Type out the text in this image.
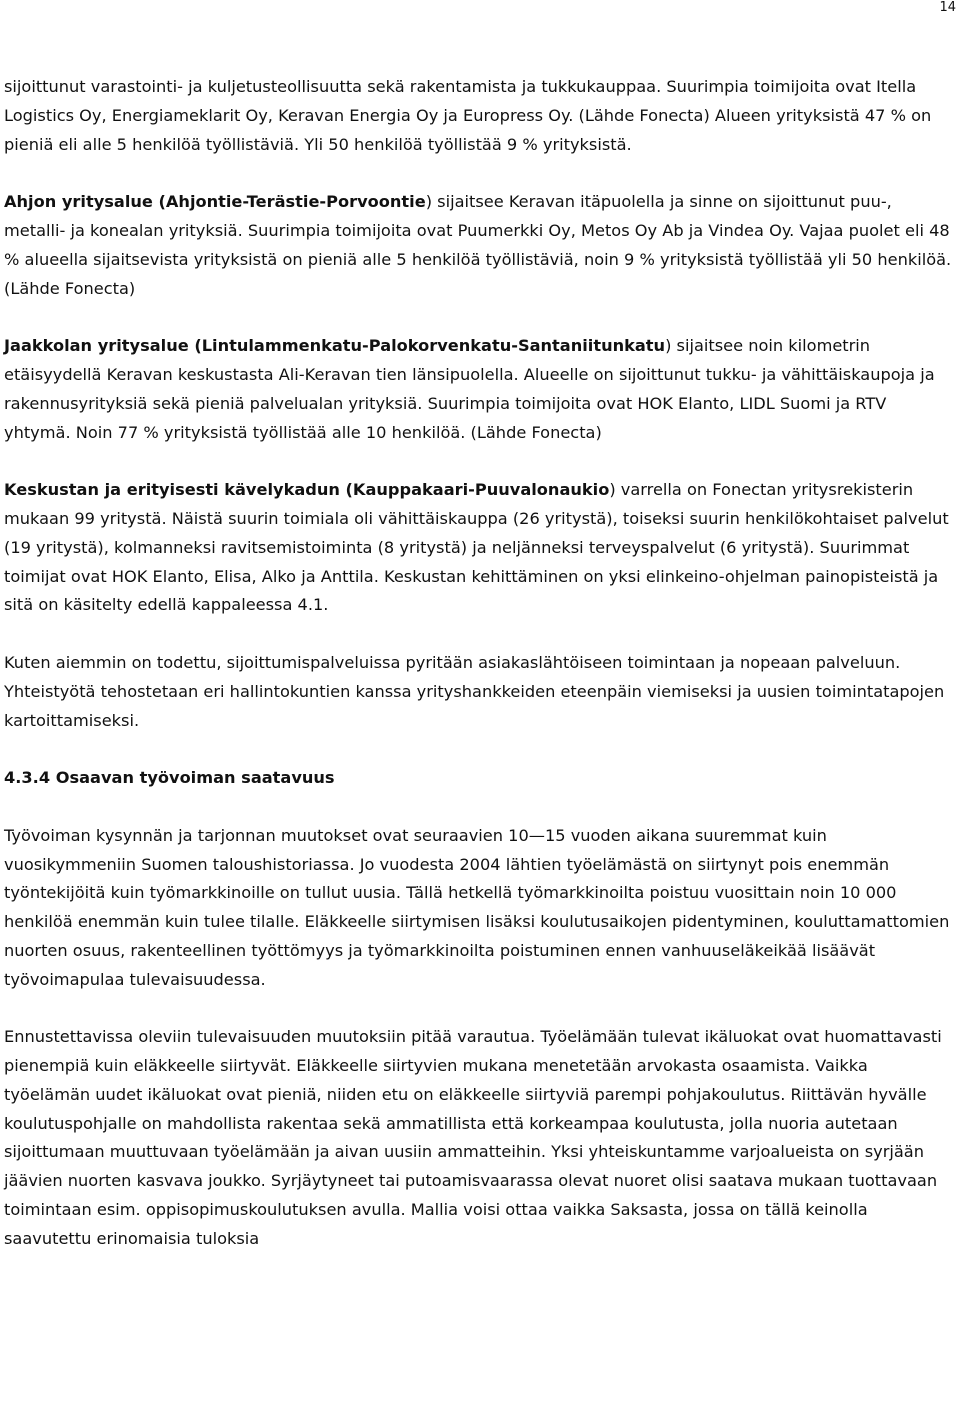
14

sijoittunut varastointi- ja kuljetusteollisuutta sekä rakentamista ja tukkukauppaa. Suurimpia toimijoita ovat Itella Logistics Oy, Energiameklarit Oy, Keravan Energia Oy ja Europress Oy. (Lähde Fonecta) Alueen yrityksistä 47 % on pieniä eli alle 5 henkilöä työllistäviä. Yli 50 henkilöä työllistää 9 % yrityksistä.

Ahjon yritysalue (Ahjontie-Terästie-Porvoontie) sijaitsee Keravan itäpuolella ja sinne on sijoittunut puu-, metalli- ja konealan yrityksiä. Suurimpia toimijoita ovat Puumerkki Oy, Metos Oy Ab ja Vindea Oy. Vajaa puolet eli 48 % alueella sijaitsevista yrityksistä on pieniä alle 5 henkilöä työllistäviä, noin 9 % yrityksistä työllistää yli 50 henkilöä. (Lähde Fonecta)

Jaakkolan yritysalue (Lintulammenkatu-Palokorvenkatu-Santaniitunkatu) sijaitsee noin kilometrin etäisyydellä Keravan keskustasta Ali-Keravan tien länsipuolella. Alueelle on sijoittunut tukku- ja vähittäiskaupoja ja rakennusyrityksiä sekä pieniä palvelualan yrityksiä. Suurimpia toimijoita ovat HOK Elanto, LIDL Suomi ja RTV yhtymä. Noin 77 % yrityksistä työllistää alle 10 henkilöä. (Lähde Fonecta)

Keskustan ja erityisesti kävelykadun (Kauppakaari-Puuvalonaukio) varrella on Fonectan yritysrekisterin mukaan 99 yritystä. Näistä suurin toimiala oli vähittäiskauppa (26 yritystä), toiseksi suurin henkilökohtaiset palvelut (19 yritystä), kolmanneksi ravitsemistoiminta (8 yritystä) ja neljänneksi terveyspalvelut (6 yritystä). Suurimmat toimijat ovat HOK Elanto, Elisa, Alko ja Anttila. Keskustan kehittäminen on yksi elinkeino-ohjelman painopisteistä ja sitä on käsitelty edellä kappaleessa 4.1.

Kuten aiemmin on todettu, sijoittumispalveluissa pyritään asiakaslähtöiseen toimintaan ja nopeaan palveluun. Yhteistyötä tehostetaan eri hallintokuntien kanssa yrityshankkeiden eteenpäin viemiseksi ja uusien toimintatapojen kartoittamiseksi.

4.3.4 Osaavan työvoiman saatavuus

Työvoiman kysynnän ja tarjonnan muutokset ovat seuraavien 10—15 vuoden aikana suuremmat kuin vuosikymmeniin Suomen taloushistoriassa. Jo vuodesta 2004 lähtien työelämästä on siirtynyt pois enemmän työntekijöitä kuin työmarkkinoille on tullut uusia. Tällä hetkellä työmarkkinoilta poistuu vuosittain noin 10 000 henkilöä enemmän kuin tulee tilalle. Eläkkeelle siirtymisen lisäksi koulutusaikojen pidentyminen, kouluttamattomien nuorten osuus, rakenteellinen työttömyys ja työmarkkinoilta poistuminen ennen vanhuuseläkeikää lisäävät työvoimapulaa tulevaisuudessa.

Ennustettavissa oleviin tulevaisuuden muutoksiin pitää varautua. Työelämään tulevat ikäluokat ovat huomattavasti pienempiä kuin eläkkeelle siirtyvät. Eläkkeelle siirtyvien mukana menetetään arvokasta osaamista. Vaikka työelämän uudet ikäluokat ovat pieniä, niiden etu on eläkkeelle siirtyviä parempi pohjakoulutus. Riittävän hyvälle koulutuspohjalle on mahdollista rakentaa sekä ammatillista että korkeampaa koulutusta, jolla nuoria autetaan sijoittumaan muuttuvaan työelämään ja aivan uusiin ammatteihin. Yksi yhteiskuntamme varjoalueista on syrjään jäävien nuorten kasvava joukko. Syrjäytyneet tai putoamisvaarassa olevat nuoret olisi saatava mukaan tuottavaan toimintaan esim. oppisopimuskoulutuksen avulla. Mallia voisi ottaa vaikka Saksasta, jossa on tällä keinolla saavutettu erinomaisia tuloksia
